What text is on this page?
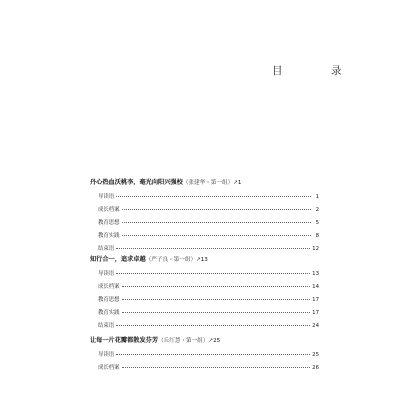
目　录
丹心热血沃桃李，毫光向阳兴强校（张建华・第一组）↗1
导读语	1
成长档案	2
教育思想	5
教育实践	8
结束语	12
知行合一，追求卓越（严子良・第一组）↗13
导读语	13
成长档案	14
教育思想	17
教育实践	17
结束语	24
让每一片花瓣都散发芬芳（丘红慧・第一组）↗25
导读语	25
成长档案	26
